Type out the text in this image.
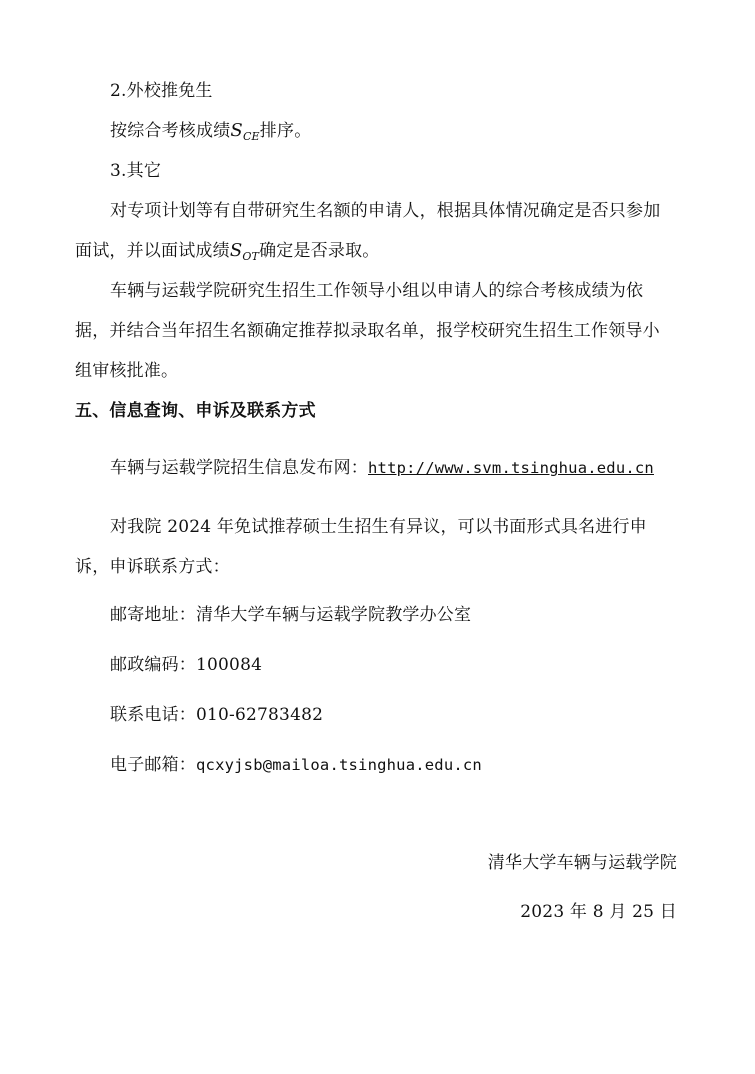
2.外校推免生
按综合考核成绩$S_{CE}$排序。
3.其它
对专项计划等有自带研究生名额的申请人，根据具体情况确定是否只参加
面试，并以面试成绩$S_{OT}$确定是否录取。
车辆与运载学院研究生招生工作领导小组以申请人的综合考核成绩为依
据，并结合当年招生名额确定推荐拟录取名单，报学校研究生招生工作领导小
组审核批准。
五、信息查询、申诉及联系方式
车辆与运载学院招生信息发布网：http://www.svm.tsinghua.edu.cn
对我院 2024 年免试推荐硕士生招生有异议，可以书面形式具名进行申
诉，申诉联系方式：
邮寄地址：清华大学车辆与运载学院教学办公室
邮政编码：100084
联系电话：010-62783482
电子邮箱：qcxyjsb@mailoa.tsinghua.edu.cn
清华大学车辆与运载学院
2023 年 8 月 25 日
